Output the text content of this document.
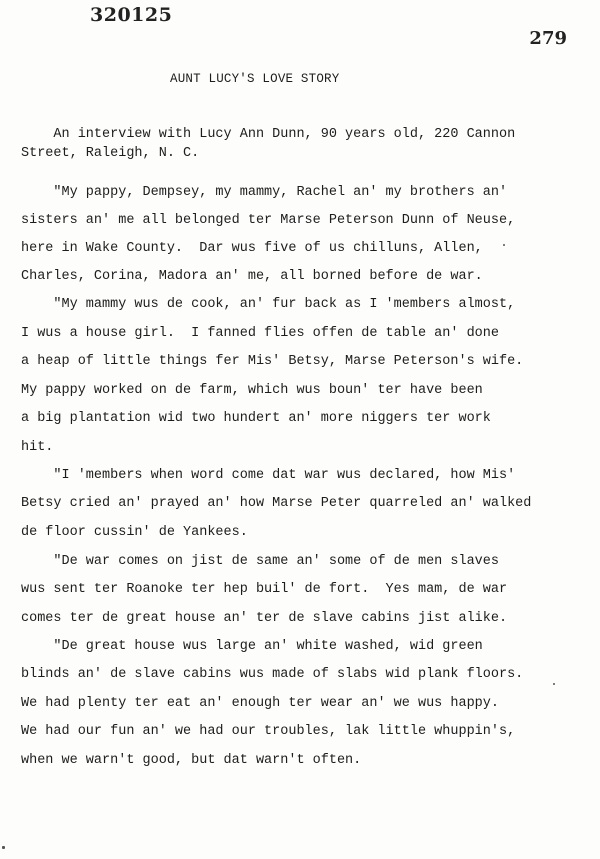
320125
279
AUNT LUCY'S LOVE STORY
An interview with Lucy Ann Dunn, 90 years old, 220 Cannon
Street, Raleigh, N. C.
"My pappy, Dempsey, my mammy, Rachel an' my brothers an'
sisters an' me all belonged ter Marse Peterson Dunn of Neuse,
here in Wake County.  Dar wus five of us chilluns, Allen,
Charles, Corina, Madora an' me, all borned before de war.
"My mammy wus de cook, an' fur back as I 'members almost,
I wus a house girl.  I fanned flies offen de table an' done
a heap of little things fer Mis' Betsy, Marse Peterson's wife.
My pappy worked on de farm, which wus boun' ter have been
a big plantation wid two hundert an' more niggers ter work
hit.
"I 'members when word come dat war wus declared, how Mis'
Betsy cried an' prayed an' how Marse Peter quarreled an' walked
de floor cussin' de Yankees.
"De war comes on jist de same an' some of de men slaves
wus sent ter Roanoke ter hep buil' de fort.  Yes mam, de war
comes ter de great house an' ter de slave cabins jist alike.
"De great house wus large an' white washed, wid green
blinds an' de slave cabins wus made of slabs wid plank floors.
We had plenty ter eat an' enough ter wear an' we wus happy.
We had our fun an' we had our troubles, lak little whuppin's,
when we warn't good, but dat warn't often.
